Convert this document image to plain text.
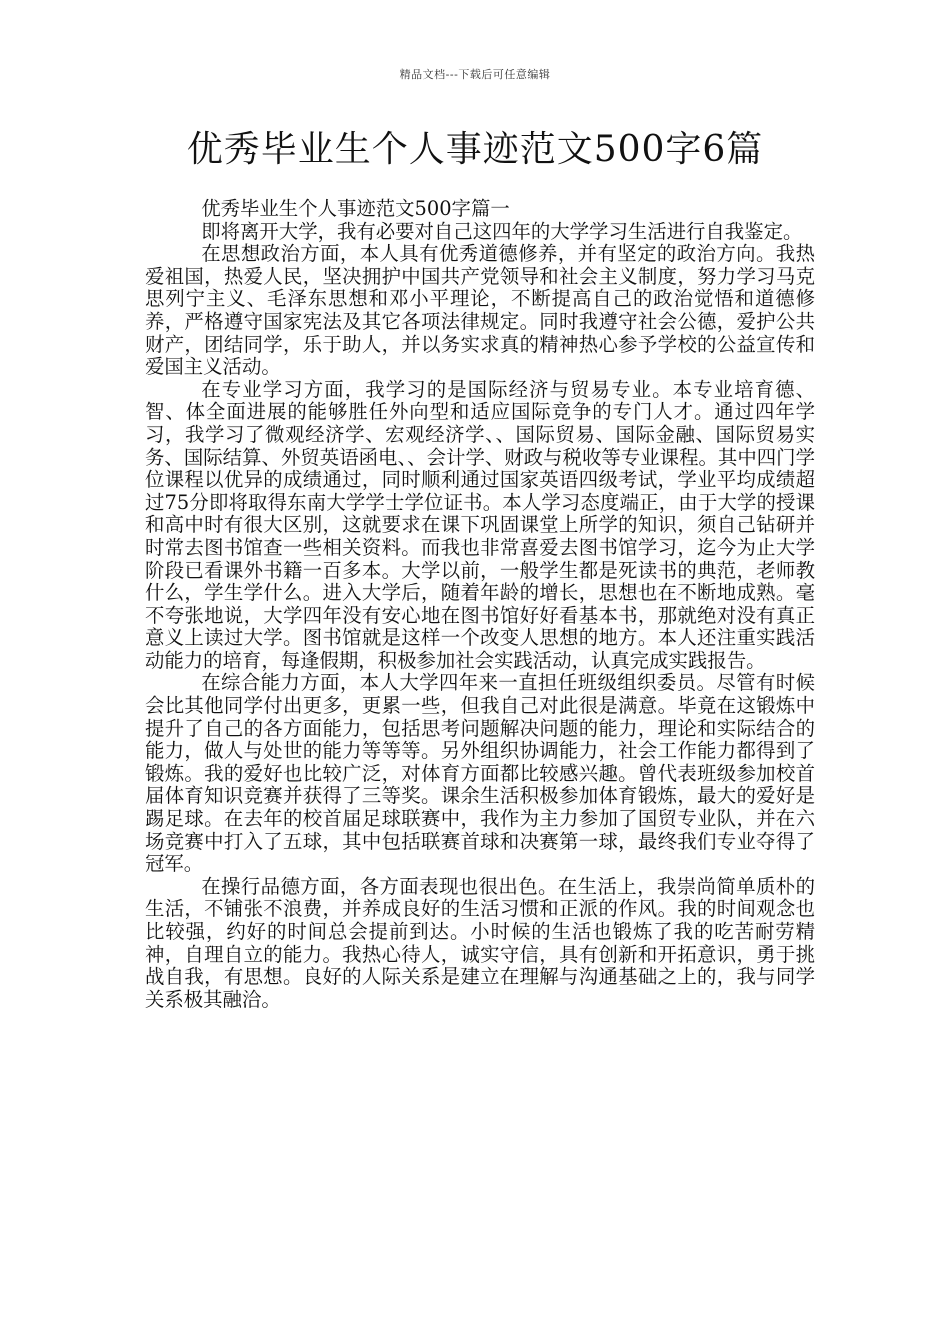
精品文档---下载后可任意编辑
优秀毕业生个人事迹范文500字6篇

优秀毕业生个人事迹范文500字篇一

即将离开大学，我有必要对自己这四年的大学学习生活进行自我鉴定。

在思想政治方面，本人具有优秀道德修养，并有坚定的政治方向。我热爱祖国，热爱人民，坚决拥护中国共产党领导和社会主义制度，努力学习马克思列宁主义、毛泽东思想和邓小平理论，不断提高自己的政治觉悟和道德修养，严格遵守国家宪法及其它各项法律规定。同时我遵守社会公德，爱护公共财产，团结同学，乐于助人，并以务实求真的精神热心参予学校的公益宣传和爱国主义活动。

在专业学习方面，我学习的是国际经济与贸易专业。本专业培育德、智、体全面进展的能够胜任外向型和适应国际竞争的专门人才。通过四年学习，我学习了微观经济学、宏观经济学、、国际贸易、国际金融、国际贸易实务、国际结算、外贸英语函电、、会计学、财政与税收等专业课程。其中四门学位课程以优异的成绩通过，同时顺利通过国家英语四级考试，学业平均成绩超过75分即将取得东南大学学士学位证书。本人学习态度端正，由于大学的授课和高中时有很大区别，这就要求在课下巩固课堂上所学的知识，须自己钻研并时常去图书馆查一些相关资料。而我也非常喜爱去图书馆学习，迄今为止大学阶段已看课外书籍一百多本。大学以前，一般学生都是死读书的典范，老师教什么，学生学什么。进入大学后，随着年龄的增长，思想也在不断地成熟。毫不夸张地说，大学四年没有安心地在图书馆好好看基本书，那就绝对没有真正意义上读过大学。图书馆就是这样一个改变人思想的地方。本人还注重实践活动能力的培育，每逢假期，积极参加社会实践活动，认真完成实践报告。

在综合能力方面，本人大学四年来一直担任班级组织委员。尽管有时候会比其他同学付出更多，更累一些，但我自己对此很是满意。毕竟在这锻炼中提升了自己的各方面能力，包括思考问题解决问题的能力，理论和实际结合的能力，做人与处世的能力等等等。另外组织协调能力，社会工作能力都得到了锻炼。我的爱好也比较广泛，对体育方面都比较感兴趣。曾代表班级参加校首届体育知识竞赛并获得了三等奖。课余生活积极参加体育锻炼，最大的爱好是踢足球。在去年的校首届足球联赛中，我作为主力参加了国贸专业队，并在六场竞赛中打入了五球，其中包括联赛首球和决赛第一球，最终我们专业夺得了冠军。

在操行品德方面，各方面表现也很出色。在生活上，我崇尚简单质朴的生活，不铺张不浪费，并养成良好的生活习惯和正派的作风。我的时间观念也比较强，约好的时间总会提前到达。小时候的生活也锻炼了我的吃苦耐劳精神，自理自立的能力。我热心待人，诚实守信，具有创新和开拓意识，勇于挑战自我，有思想。良好的人际关系是建立在理解与沟通基础之上的，我与同学关系极其融洽。
